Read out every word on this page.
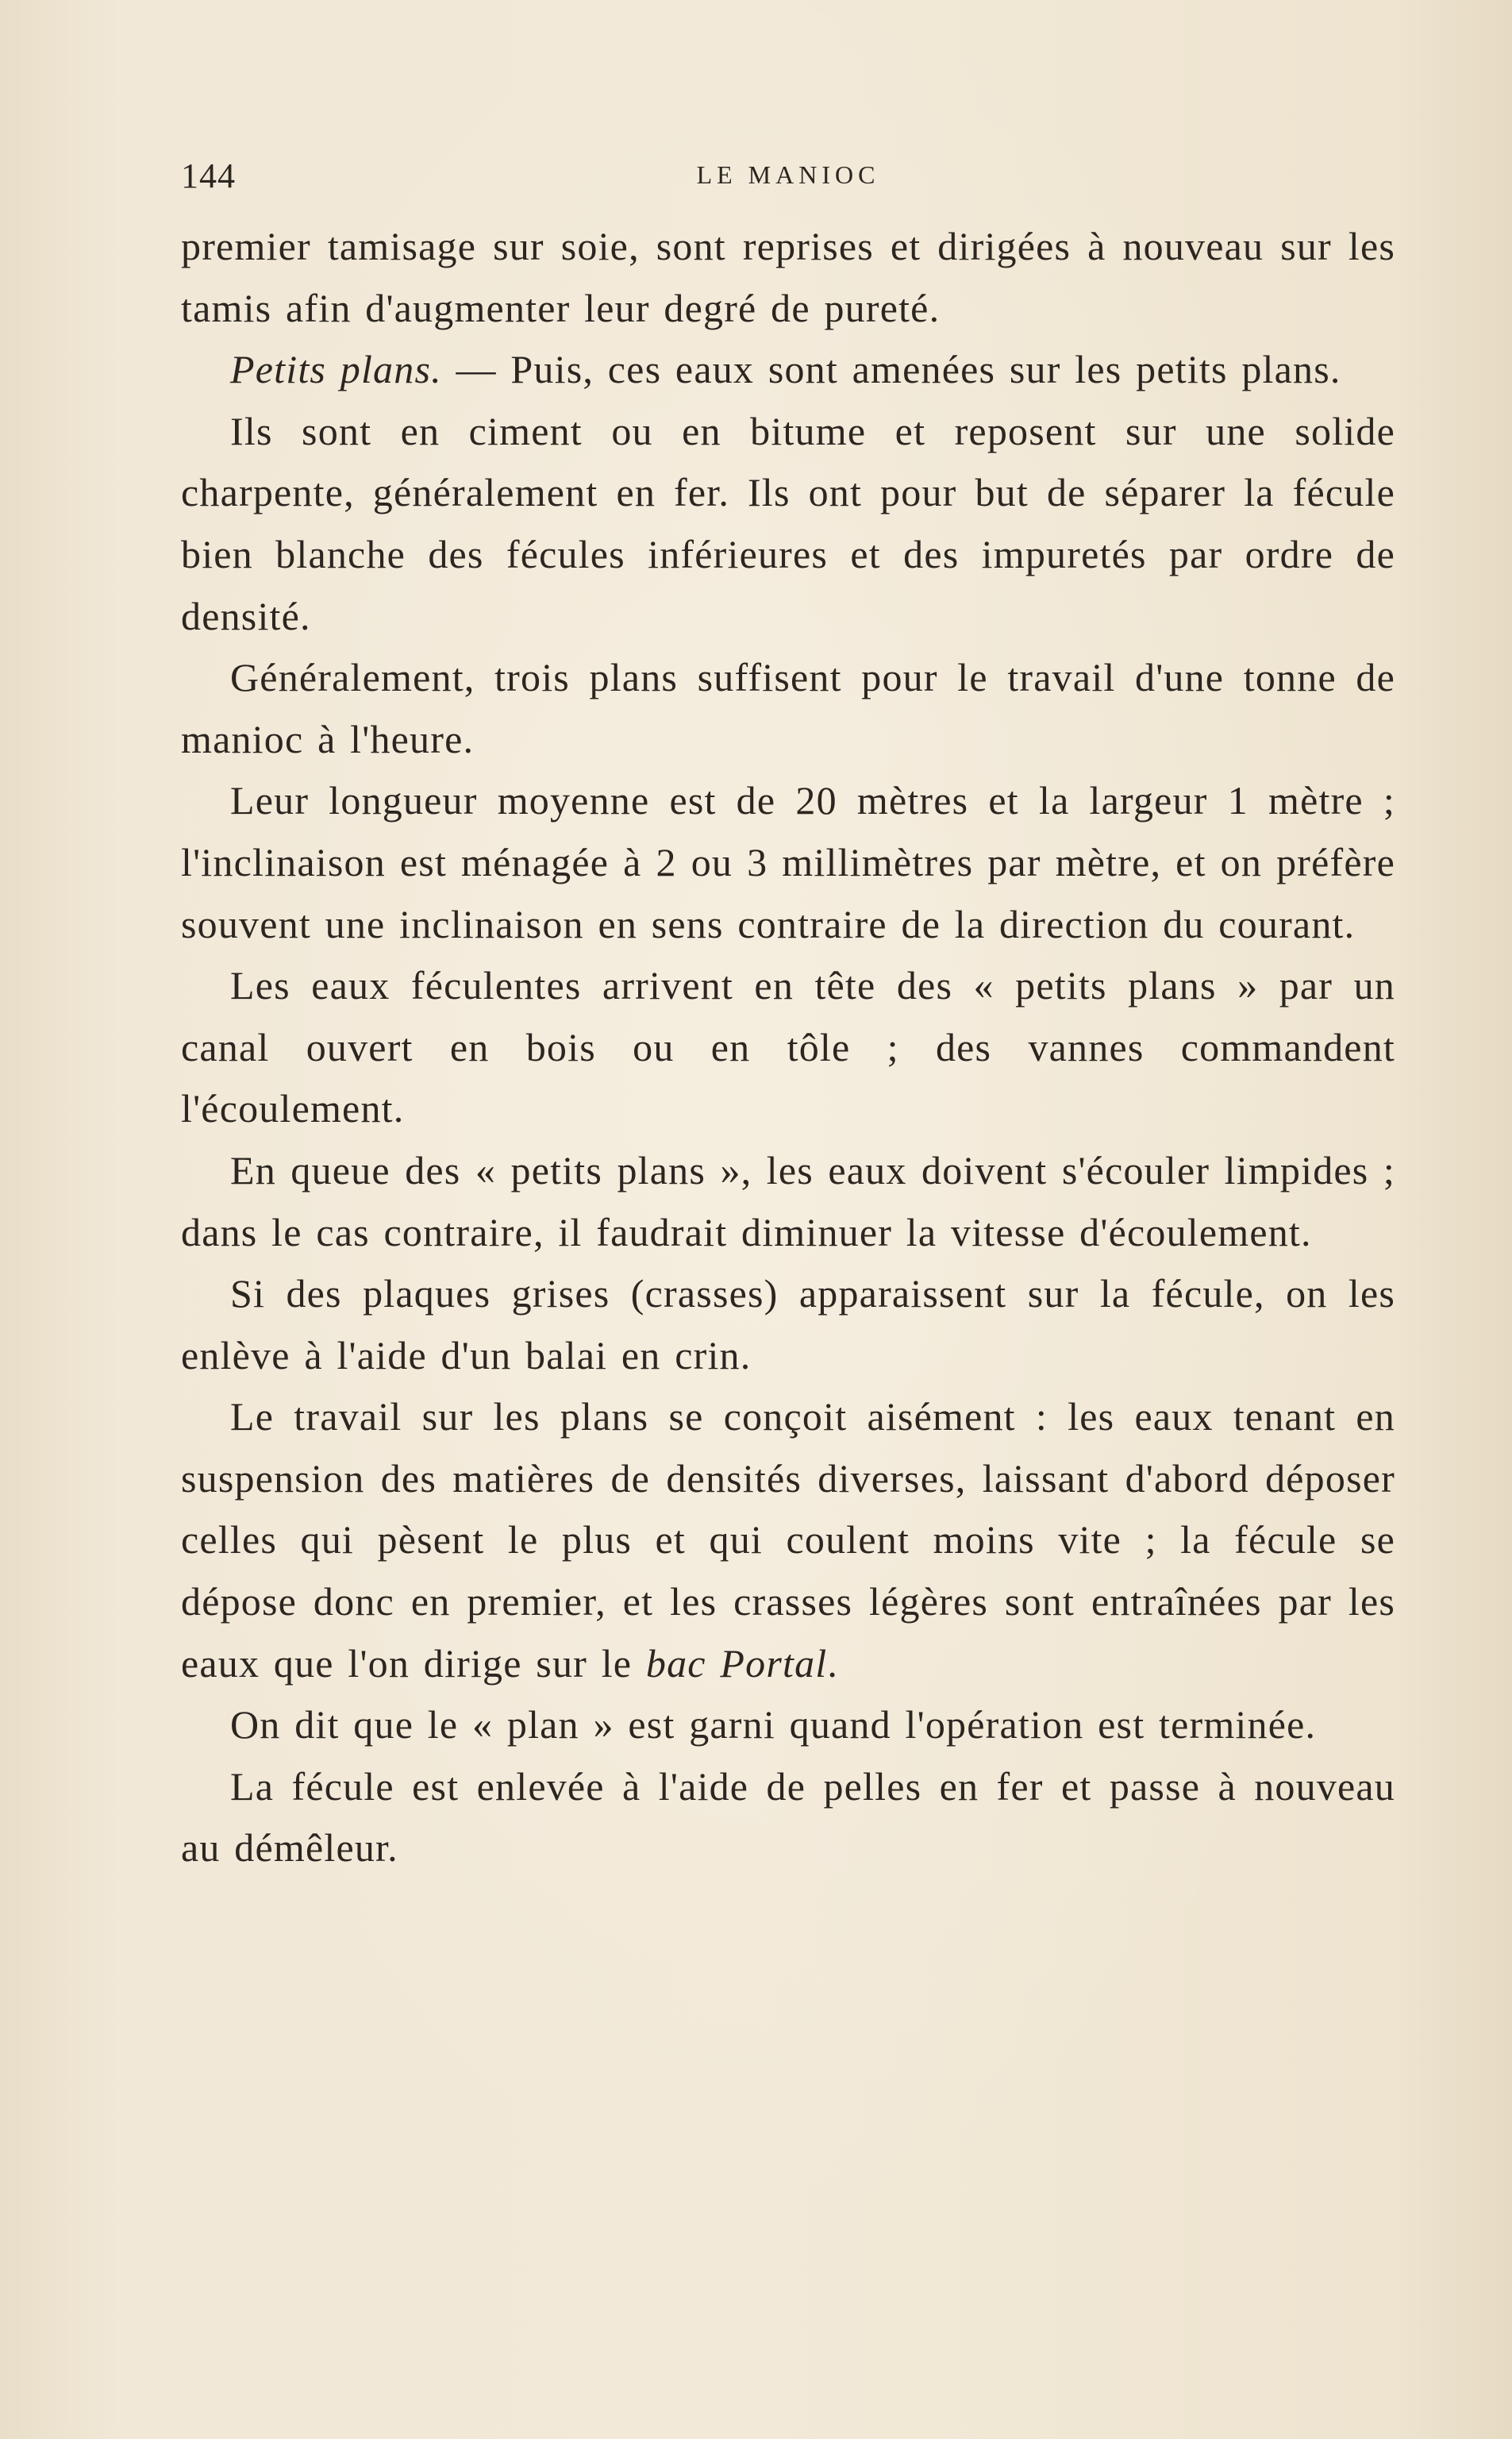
144	LE MANIOC

premier tamisage sur soie, sont reprises et dirigées à nouveau sur les tamis afin d'augmenter leur degré de pureté.

Petits plans. — Puis, ces eaux sont amenées sur les petits plans.

Ils sont en ciment ou en bitume et reposent sur une solide charpente, généralement en fer. Ils ont pour but de séparer la fécule bien blanche des fécules inférieures et des impuretés par ordre de densité.

Généralement, trois plans suffisent pour le travail d'une tonne de manioc à l'heure.

Leur longueur moyenne est de 20 mètres et la largeur 1 mètre ; l'inclinaison est ménagée à 2 ou 3 millimètres par mètre, et on préfère souvent une inclinaison en sens contraire de la direction du courant.

Les eaux féculentes arrivent en tête des « petits plans » par un canal ouvert en bois ou en tôle ; des vannes commandent l'écoulement.

En queue des « petits plans », les eaux doivent s'écouler limpides ; dans le cas contraire, il faudrait diminuer la vitesse d'écoulement.

Si des plaques grises (crasses) apparaissent sur la fécule, on les enlève à l'aide d'un balai en crin.

Le travail sur les plans se conçoit aisément : les eaux tenant en suspension des matières de densités diverses, laissant d'abord déposer celles qui pèsent le plus et qui coulent moins vite ; la fécule se dépose donc en premier, et les crasses légères sont entraînées par les eaux que l'on dirige sur le bac Portal.

On dit que le « plan » est garni quand l'opération est terminée.

La fécule est enlevée à l'aide de pelles en fer et passe à nouveau au démêleur.
